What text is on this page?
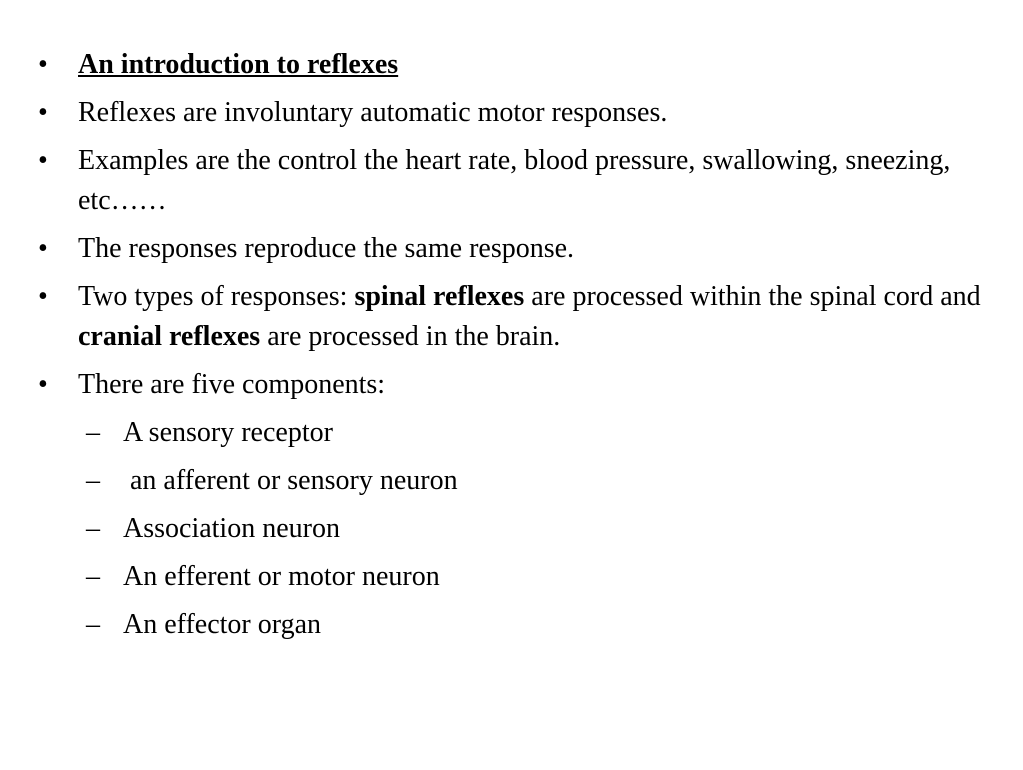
•	An introduction to reflexes
•	Reflexes are involuntary automatic motor responses.
•	Examples are the control the heart rate, blood pressure, swallowing, sneezing, etc……
•	The responses reproduce the same response.
•	Two types of responses: spinal reflexes are processed within the spinal cord and cranial reflexes are processed in the brain.
•	There are five components:
– A sensory receptor
– an afferent or sensory neuron
– Association neuron
– An efferent or motor neuron
– An effector organ
